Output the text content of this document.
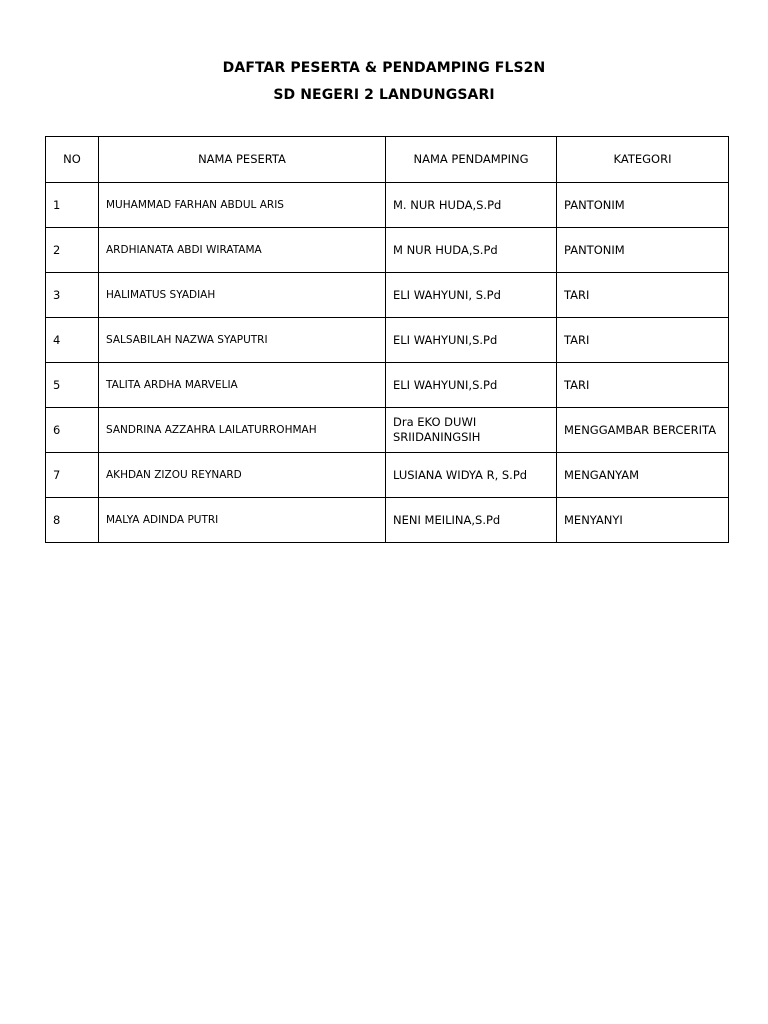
DAFTAR PESERTA & PENDAMPING FLS2N
SD NEGERI 2 LANDUNGSARI
NO	NAMA PESERTA	NAMA PENDAMPING	KATEGORI
1	MUHAMMAD FARHAN ABDUL ARIS	M. NUR HUDA,S.Pd	PANTONIM
2	ARDHIANATA ABDI WIRATAMA	M NUR HUDA,S.Pd	PANTONIM
3	HALIMATUS SYADIAH	ELI WAHYUNI, S.Pd	TARI
4	SALSABILAH NAZWA SYAPUTRI	ELI WAHYUNI,S.Pd	TARI
5	TALITA ARDHA MARVELIA	ELI WAHYUNI,S.Pd	TARI
6	SANDRINA AZZAHRA LAILATURROHMAH	Dra EKO DUWI SRIIDANINGSIH	MENGGAMBAR BERCERITA
7	AKHDAN ZIZOU REYNARD	LUSIANA WIDYA R, S.Pd	MENGANYAM
8	MALYA ADINDA PUTRI	NENI MEILINA,S.Pd	MENYANYI
